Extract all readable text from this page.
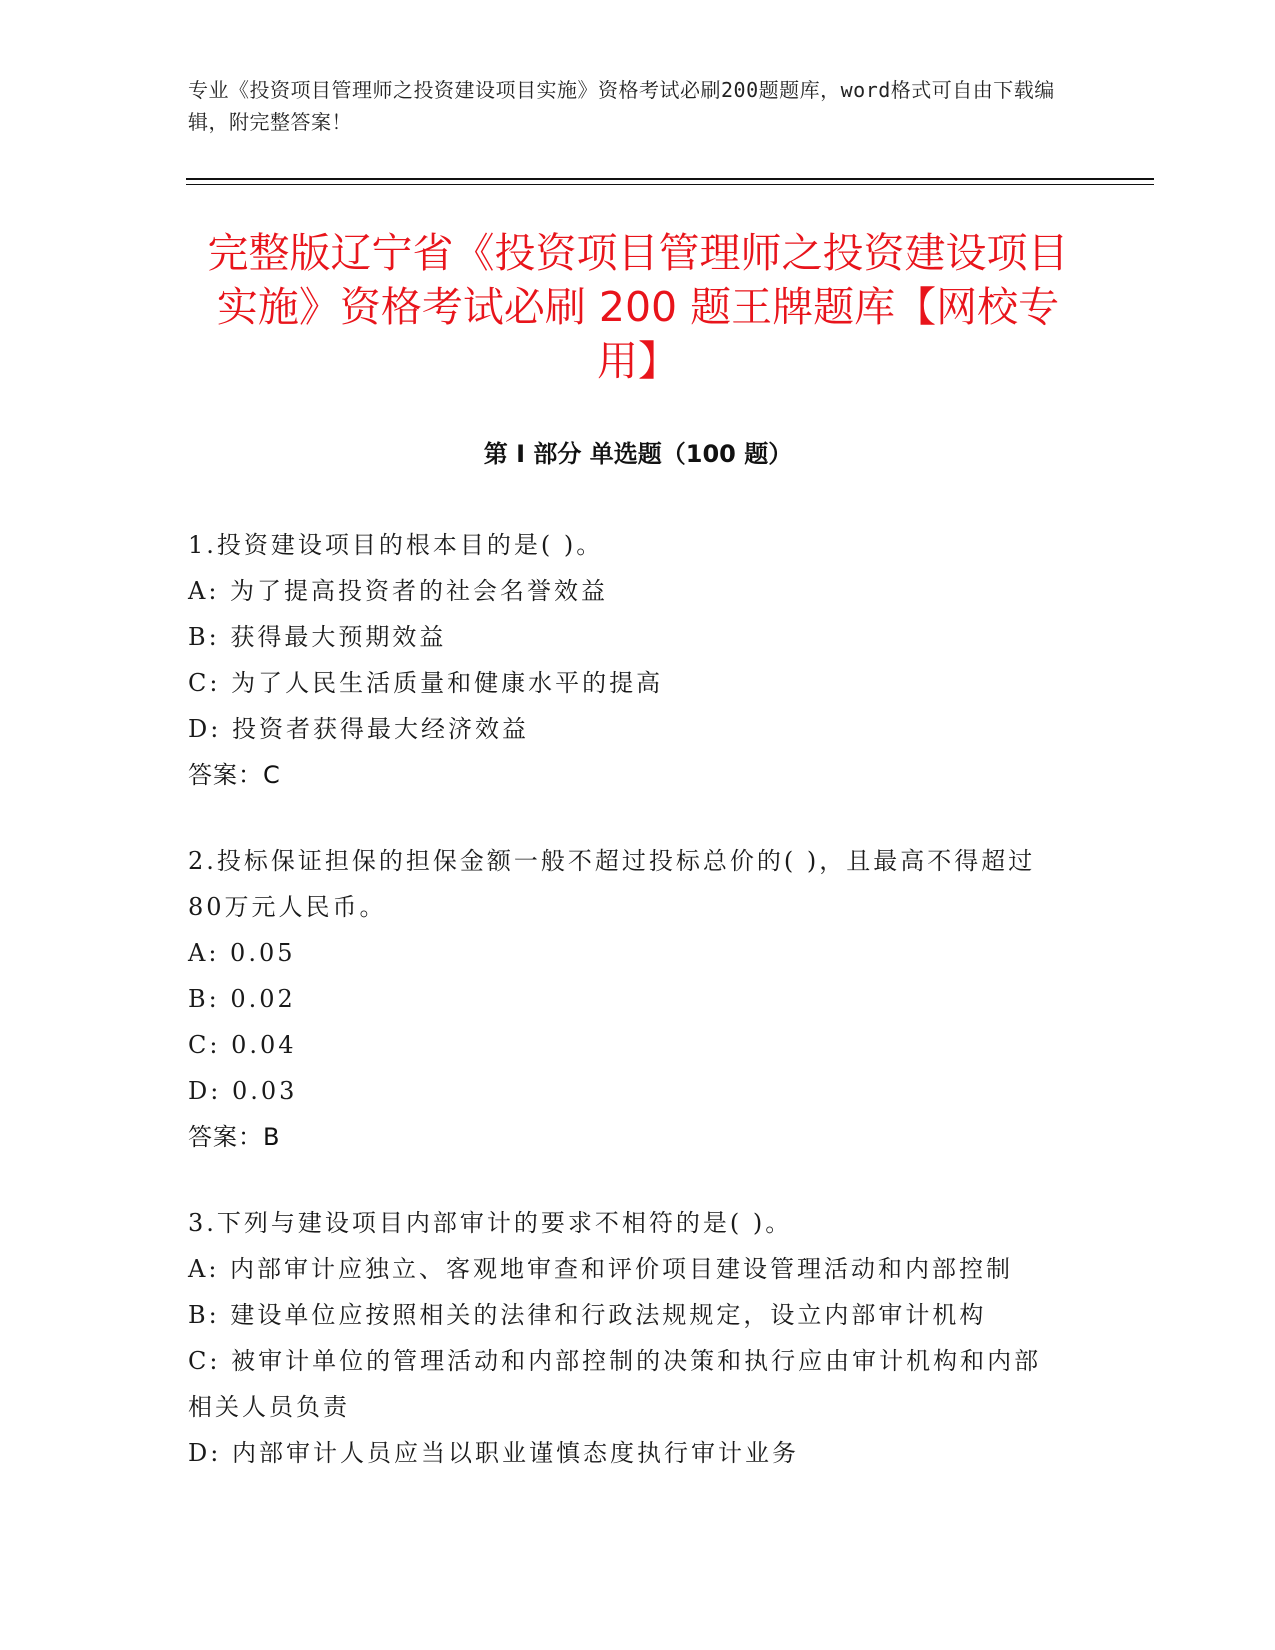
专业《投资项目管理师之投资建设项目实施》资格考试必刷200题题库，word格式可自由下载编辑，附完整答案！
完整版辽宁省《投资项目管理师之投资建设项目实施》资格考试必刷 200 题王牌题库【网校专用】
第 I 部分 单选题（100 题）
1.投资建设项目的根本目的是( )。
A: 为了提高投资者的社会名誉效益
B: 获得最大预期效益
C: 为了人民生活质量和健康水平的提高
D: 投资者获得最大经济效益
答案：C
2.投标保证担保的担保金额一般不超过投标总价的( )，且最高不得超过80万元人民币。
A: 0.05
B: 0.02
C: 0.04
D: 0.03
答案：B
3.下列与建设项目内部审计的要求不相符的是( )。
A: 内部审计应独立、客观地审查和评价项目建设管理活动和内部控制
B: 建设单位应按照相关的法律和行政法规规定，设立内部审计机构
C: 被审计单位的管理活动和内部控制的决策和执行应由审计机构和内部相关人员负责
D: 内部审计人员应当以职业谨慎态度执行审计业务
